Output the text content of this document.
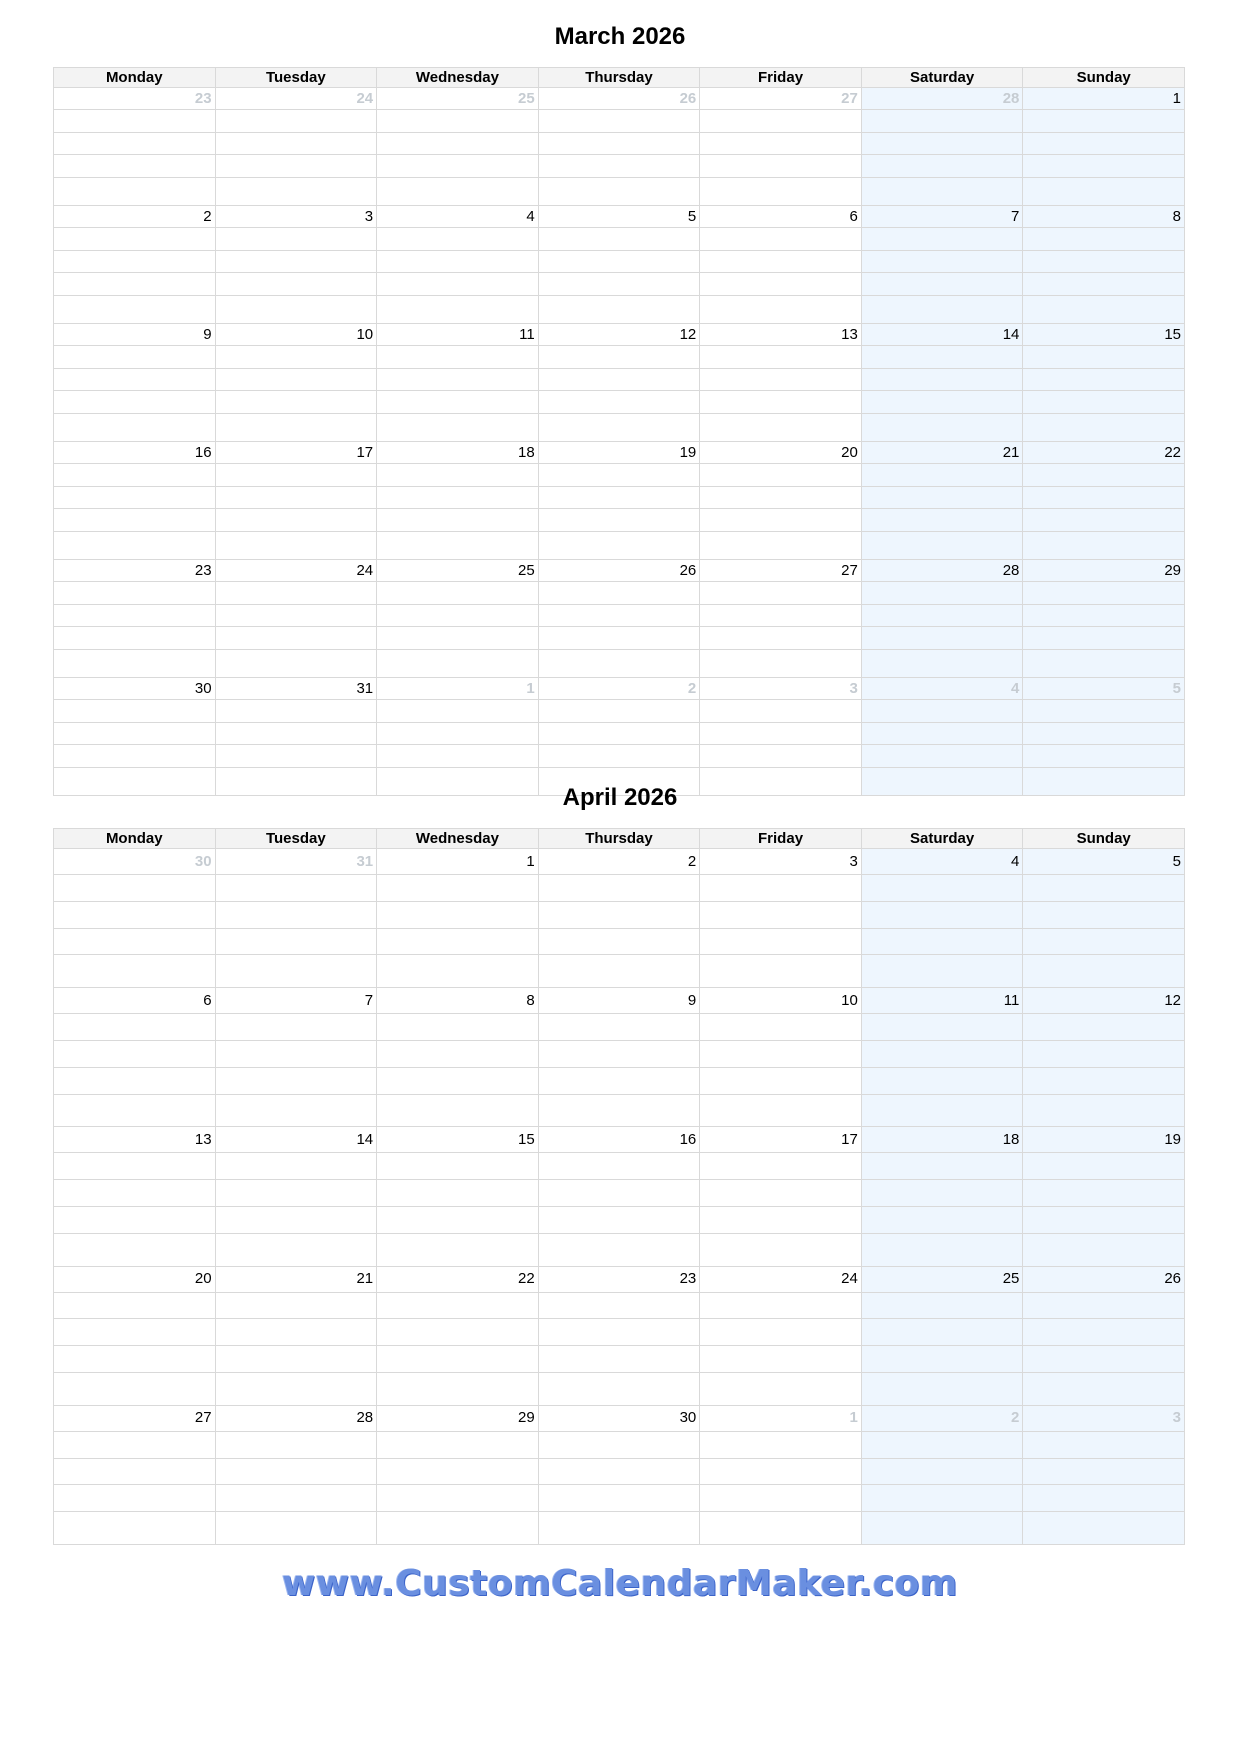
March 2026
Monday	Tuesday	Wednesday	Thursday	Friday	Saturday	Sunday

23	24	25	26	27	28	1

2	3	4	5	6	7	8

9	10	11	12	13	14	15

16	17	18	19	20	21	22

23	24	25	26	27	28	29

30	31	1	2	3	4	5

April 2026
Monday	Tuesday	Wednesday	Thursday	Friday	Saturday	Sunday

30	31	1	2	3	4	5

6	7	8	9	10	11	12

13	14	15	16	17	18	19

20	21	22	23	24	25	26

27	28	29	30	1	2	3

www.CustomCalendarMaker.com
